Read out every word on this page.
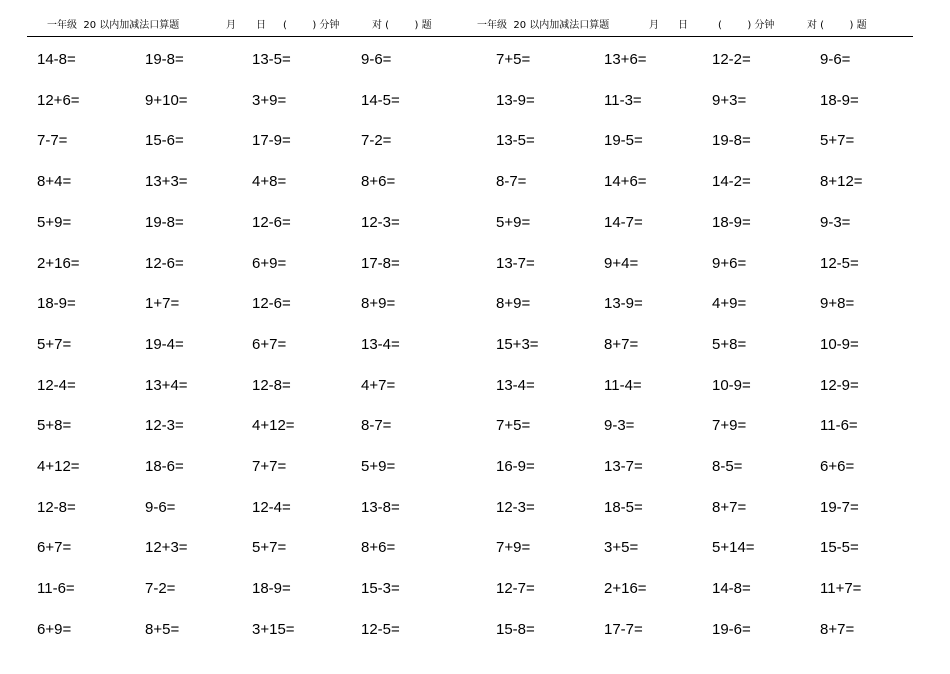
一年级  20 以内加减法口算题	月 日 (        ) 分钟	对 (        ) 题	一年级  20 以内加减法口算题	月 日	(        ) 分钟	对 (        ) 题
14-8=	19-8=	13-5=	9-6=	7+5=	13+6=	12-2=	9-6=
12+6=	9+10=	3+9=	14-5=	13-9=	11-3=	9+3=	18-9=
7-7=	15-6=	17-9=	7-2=	13-5=	19-5=	19-8=	5+7=
8+4=	13+3=	4+8=	8+6=	8-7=	14+6=	14-2=	8+12=
5+9=	19-8=	12-6=	12-3=	5+9=	14-7=	18-9=	9-3=
2+16=	12-6=	6+9=	17-8=	13-7=	9+4=	9+6=	12-5=
18-9=	1+7=	12-6=	8+9=	8+9=	13-9=	4+9=	9+8=
5+7=	19-4=	6+7=	13-4=	15+3=	8+7=	5+8=	10-9=
12-4=	13+4=	12-8=	4+7=	13-4=	11-4=	10-9=	12-9=
5+8=	12-3=	4+12=	8-7=	7+5=	9-3=	7+9=	11-6=
4+12=	18-6=	7+7=	5+9=	16-9=	13-7=	8-5=	6+6=
12-8=	9-6=	12-4=	13-8=	12-3=	18-5=	8+7=	19-7=
6+7=	12+3=	5+7=	8+6=	7+9=	3+5=	5+14=	15-5=
11-6=	7-2=	18-9=	15-3=	12-7=	2+16=	14-8=	11+7=
6+9=	8+5=	3+15=	12-5=	15-8=	17-7=	19-6=	8+7=
